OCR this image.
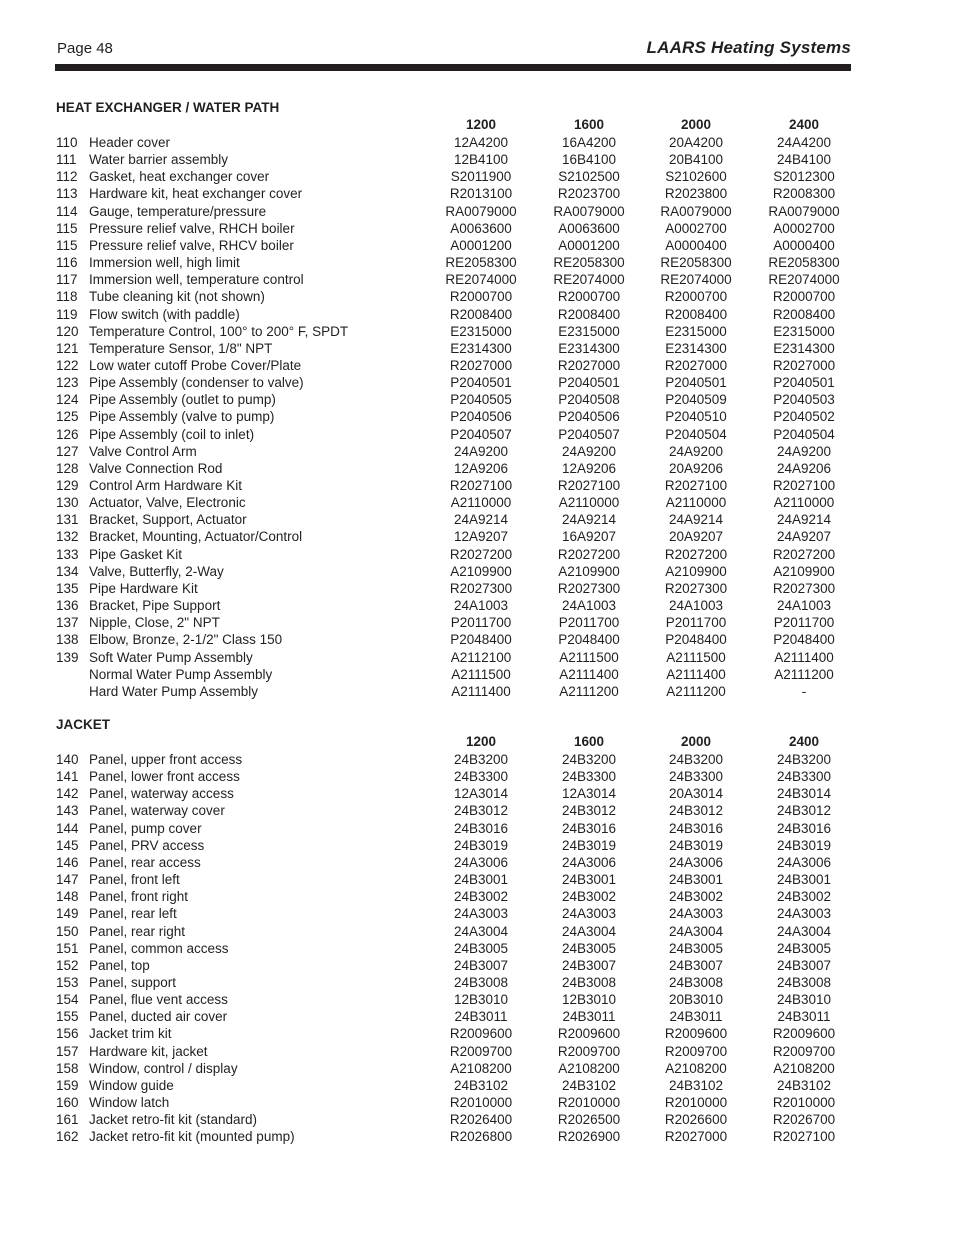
Page 48	LAARS Heating Systems
HEAT EXCHANGER / WATER PATH
1200	1600	2000	2400
110 Header cover	12A4200	16A4200	20A4200	24A4200
111 Water barrier assembly	12B4100	16B4100	20B4100	24B4100
112 Gasket, heat exchanger cover	S2011900	S2102500	S2102600	S2012300
113 Hardware kit, heat exchanger cover	R2013100	R2023700	R2023800	R2008300
114 Gauge, temperature/pressure	RA0079000	RA0079000	RA0079000	RA0079000
115 Pressure relief valve, RHCH boiler	A0063600	A0063600	A0002700	A0002700
115 Pressure relief valve, RHCV boiler	A0001200	A0001200	A0000400	A0000400
116 Immersion well, high limit	RE2058300	RE2058300	RE2058300	RE2058300
117 Immersion well, temperature control	RE2074000	RE2074000	RE2074000	RE2074000
118 Tube cleaning kit (not shown)	R2000700	R2000700	R2000700	R2000700
119 Flow switch (with paddle)	R2008400	R2008400	R2008400	R2008400
120 Temperature Control, 100° to 200° F, SPDT	E2315000	E2315000	E2315000	E2315000
121 Temperature Sensor, 1/8" NPT	E2314300	E2314300	E2314300	E2314300
122 Low water cutoff Probe Cover/Plate	R2027000	R2027000	R2027000	R2027000
123 Pipe Assembly (condenser to valve)	P2040501	P2040501	P2040501	P2040501
124 Pipe Assembly (outlet to pump)	P2040505	P2040508	P2040509	P2040503
125 Pipe Assembly (valve to pump)	P2040506	P2040506	P2040510	P2040502
126 Pipe Assembly (coil to inlet)	P2040507	P2040507	P2040504	P2040504
127 Valve Control Arm	24A9200	24A9200	24A9200	24A9200
128 Valve Connection Rod	12A9206	12A9206	20A9206	24A9206
129 Control Arm Hardware Kit	R2027100	R2027100	R2027100	R2027100
130 Actuator, Valve, Electronic	A2110000	A2110000	A2110000	A2110000
131 Bracket, Support, Actuator	24A9214	24A9214	24A9214	24A9214
132 Bracket, Mounting, Actuator/Control	12A9207	16A9207	20A9207	24A9207
133 Pipe Gasket Kit	R2027200	R2027200	R2027200	R2027200
134 Valve, Butterfly, 2-Way	A2109900	A2109900	A2109900	A2109900
135 Pipe Hardware Kit	R2027300	R2027300	R2027300	R2027300
136 Bracket, Pipe Support	24A1003	24A1003	24A1003	24A1003
137 Nipple, Close, 2" NPT	P2011700	P2011700	P2011700	P2011700
138 Elbow, Bronze, 2-1/2" Class 150	P2048400	P2048400	P2048400	P2048400
139 Soft Water Pump Assembly	A2112100	A2111500	A2111500	A2111400
Normal Water Pump Assembly	A2111500	A2111400	A2111400	A2111200
Hard Water Pump Assembly	A2111400	A2111200	A2111200	-
JACKET
1200	1600	2000	2400
140 Panel, upper front access	24B3200	24B3200	24B3200	24B3200
141 Panel, lower front access	24B3300	24B3300	24B3300	24B3300
142 Panel, waterway access	12A3014	12A3014	20A3014	24B3014
143 Panel, waterway cover	24B3012	24B3012	24B3012	24B3012
144 Panel, pump cover	24B3016	24B3016	24B3016	24B3016
145 Panel, PRV access	24B3019	24B3019	24B3019	24B3019
146 Panel, rear access	24A3006	24A3006	24A3006	24A3006
147 Panel, front left	24B3001	24B3001	24B3001	24B3001
148 Panel, front right	24B3002	24B3002	24B3002	24B3002
149 Panel, rear left	24A3003	24A3003	24A3003	24A3003
150 Panel, rear right	24A3004	24A3004	24A3004	24A3004
151 Panel, common access	24B3005	24B3005	24B3005	24B3005
152 Panel, top	24B3007	24B3007	24B3007	24B3007
153 Panel, support	24B3008	24B3008	24B3008	24B3008
154 Panel, flue vent access	12B3010	12B3010	20B3010	24B3010
155 Panel, ducted air cover	24B3011	24B3011	24B3011	24B3011
156 Jacket trim kit	R2009600	R2009600	R2009600	R2009600
157 Hardware kit, jacket	R2009700	R2009700	R2009700	R2009700
158 Window, control / display	A2108200	A2108200	A2108200	A2108200
159 Window guide	24B3102	24B3102	24B3102	24B3102
160 Window latch	R2010000	R2010000	R2010000	R2010000
161 Jacket retro-fit kit (standard)	R2026400	R2026500	R2026600	R2026700
162 Jacket retro-fit kit (mounted pump)	R2026800	R2026900	R2027000	R2027100
